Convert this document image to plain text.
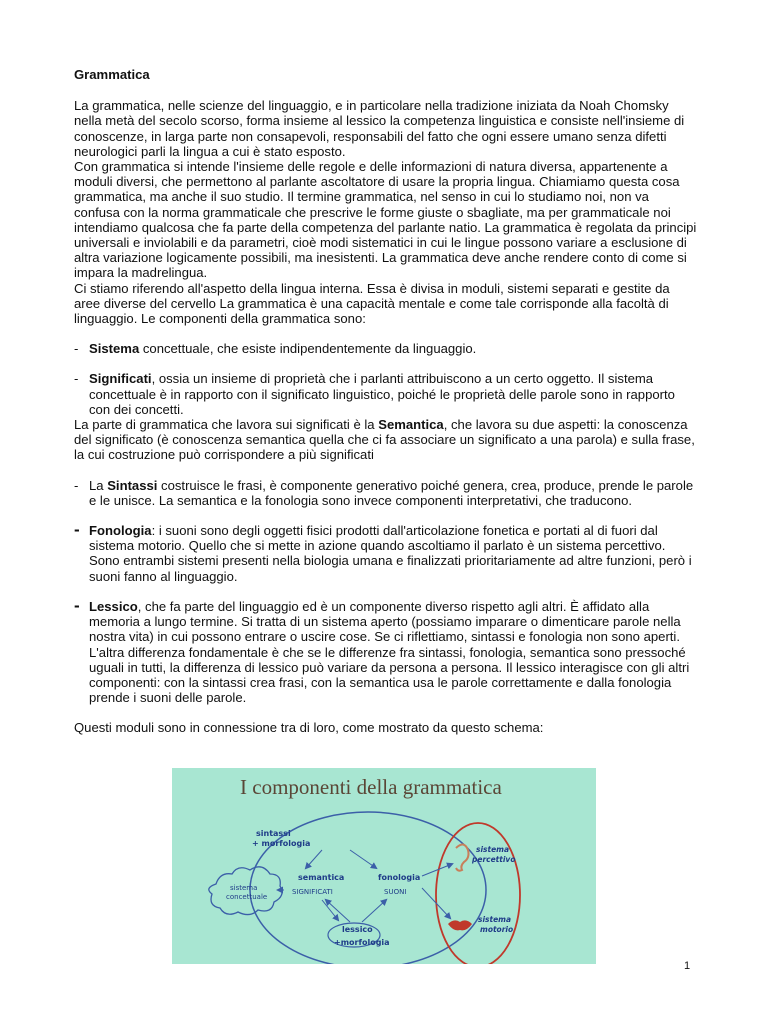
Grammatica

La grammatica, nelle scienze del linguaggio, e in particolare nella tradizione iniziata da Noah Chomsky nella metà del secolo scorso, forma insieme al lessico la competenza linguistica e consiste nell'insieme di conoscenze, in larga parte non consapevoli, responsabili del fatto che ogni essere umano senza difetti neurologici parli la lingua a cui è stato esposto.

Con grammatica si intende l'insieme delle regole e delle informazioni di natura diversa, appartenente a moduli diversi, che permettono al parlante ascoltatore di usare la propria lingua. Chiamiamo questa cosa grammatica, ma anche il suo studio. Il termine grammatica, nel senso in cui lo studiamo noi, non va confusa con la norma grammaticale che prescrive le forme giuste o sbagliate, ma per grammaticale noi intendiamo qualcosa che fa parte della competenza del parlante natio. La grammatica è regolata da principi universali e inviolabili e da parametri, cioè modi sistematici in cui le lingue possono variare a esclusione di altra variazione logicamente possibili, ma inesistenti. La grammatica deve anche rendere conto di come si impara la madrelingua.

Ci stiamo riferendo all'aspetto della lingua interna. Essa è divisa in moduli, sistemi separati e gestite da aree diverse del cervello La grammatica è una capacità mentale e come tale corrisponde alla facoltà di linguaggio. Le componenti della grammatica sono:

- Sistema concettuale, che esiste indipendentemente da linguaggio.
- Significati, ossia un insieme di proprietà che i parlanti attribuiscono a un certo oggetto. Il sistema concettuale è in rapporto con il significato linguistico, poiché le proprietà delle parole sono in rapporto con dei concetti.

La parte di grammatica che lavora sui significati è la Semantica, che lavora su due aspetti: la conoscenza del significato (è conoscenza semantica quella che ci fa associare un significato a una parola) e sulla frase, la cui costruzione può corrispondere a più significati

- La Sintassi costruisce le frasi, è componente generativo poiché genera, crea, produce, prende le parole e le unisce. La semantica e la fonologia sono invece componenti interpretativi, che traducono.
- Fonologia: i suoni sono degli oggetti fisici prodotti dall'articolazione fonetica e portati al di fuori dal sistema motorio. Quello che si mette in azione quando ascoltiamo il parlato è un sistema percettivo. Sono entrambi sistemi presenti nella biologia umana e finalizzati prioritariamente ad altre funzioni, però i suoni fanno al linguaggio.
- Lessico, che fa parte del linguaggio ed è un componente diverso rispetto agli altri. È affidato alla memoria a lungo termine. Si tratta di un sistema aperto (possiamo imparare o dimenticare parole nella nostra vita) in cui possono entrare o uscire cose. Se ci riflettiamo, sintassi e fonologia non sono aperti. L'altra differenza fondamentale è che se le differenze fra sintassi, fonologia, semantica sono pressoché uguali in tutti, la differenza di lessico può variare da persona a persona. Il lessico interagisce con gli altri componenti: con la sintassi crea frasi, con la semantica usa le parole correttamente e dalla fonologia prende i suoni delle parole.

Questi moduli sono in connessione tra di loro, come mostrato da questo schema:

I componenti della grammatica
sintassi
+ morfologia
semantica
SIGNIFICATI
fonologia
SUONI
lessico
+morfologia
sistema
concettuale
sistema
percettivo
sistema
motorio
1
